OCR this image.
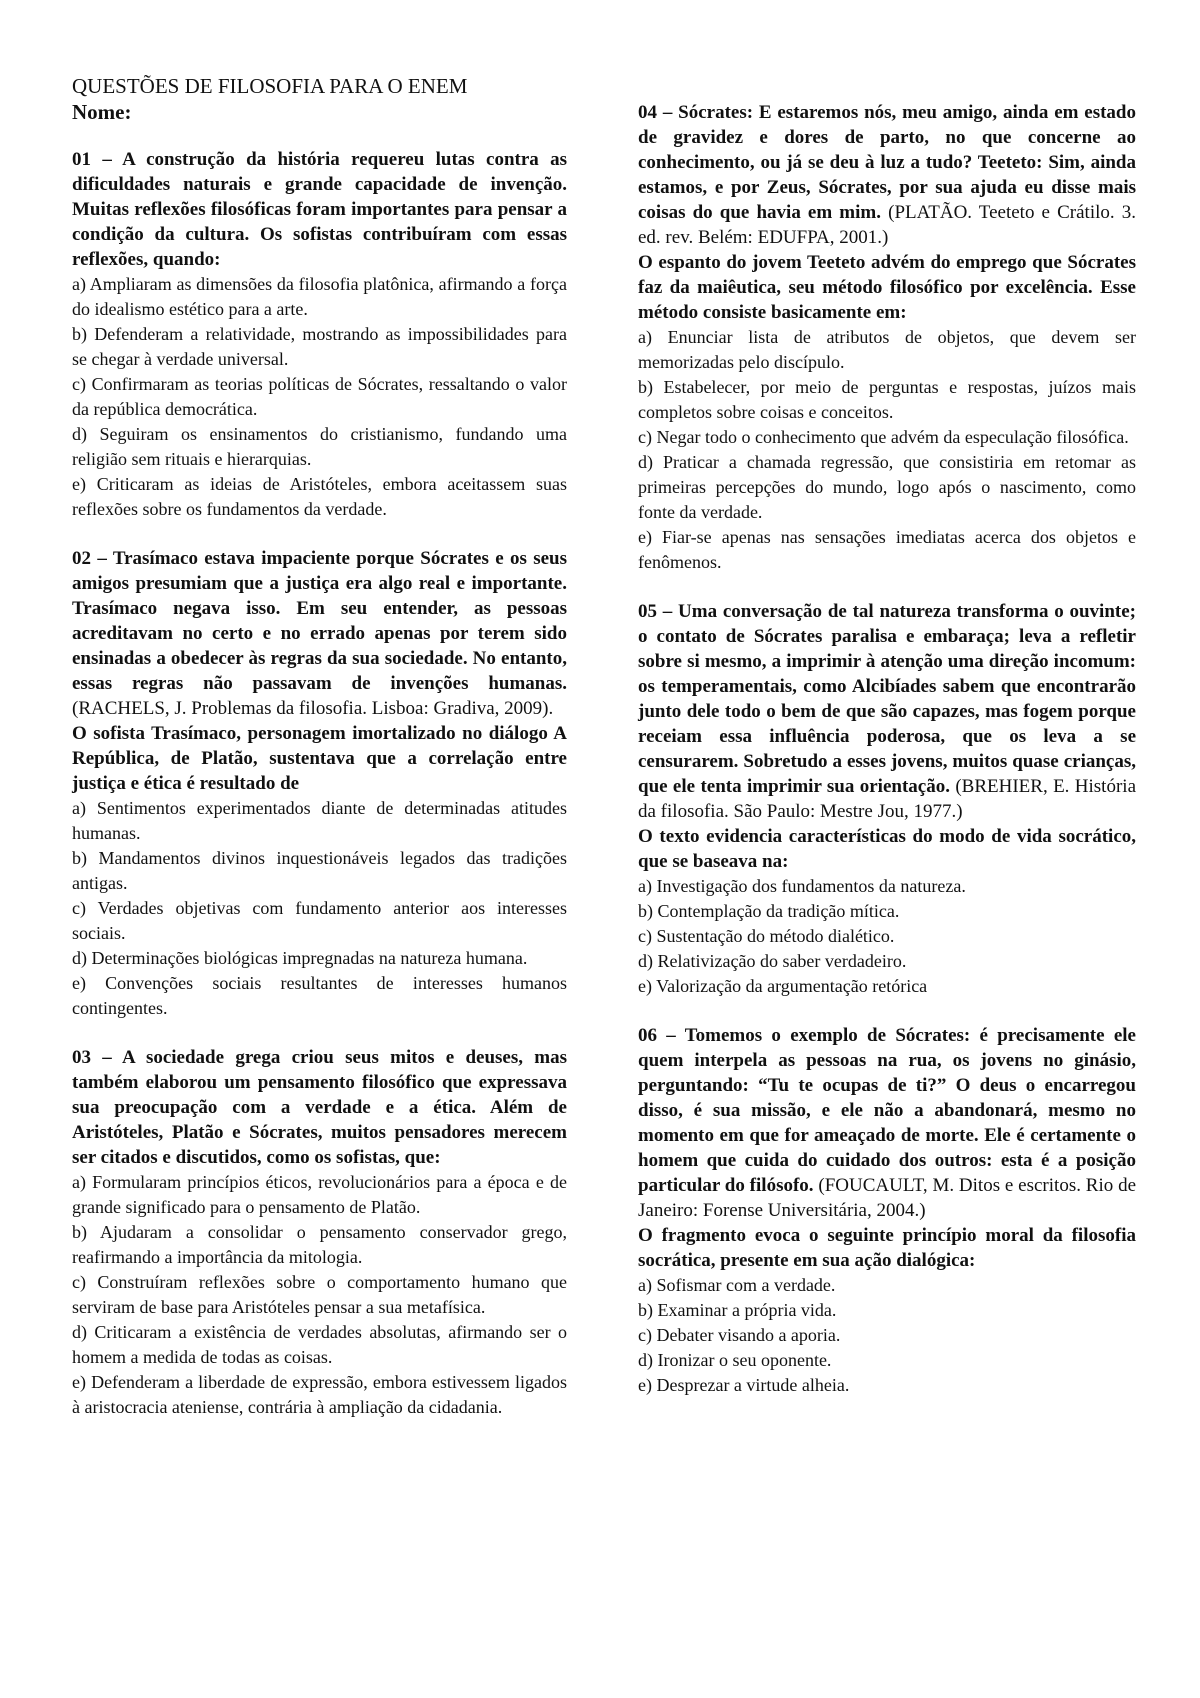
QUESTÕES DE FILOSOFIA PARA O ENEM
Nome:
01 – A construção da história requereu lutas contra as dificuldades naturais e grande capacidade de invenção. Muitas reflexões filosóficas foram importantes para pensar a condição da cultura. Os sofistas contribuíram com essas reflexões, quando:
a) Ampliaram as dimensões da filosofia platônica, afirmando a força do idealismo estético para a arte.
b) Defenderam a relatividade, mostrando as impossibilidades para se chegar à verdade universal.
c) Confirmaram as teorias políticas de Sócrates, ressaltando o valor da república democrática.
d) Seguiram os ensinamentos do cristianismo, fundando uma religião sem rituais e hierarquias.
e) Criticaram as ideias de Aristóteles, embora aceitassem suas reflexões sobre os fundamentos da verdade.
02 – Trasímaco estava impaciente porque Sócrates e os seus amigos presumiam que a justiça era algo real e importante. Trasímaco negava isso. Em seu entender, as pessoas acreditavam no certo e no errado apenas por terem sido ensinadas a obedecer às regras da sua sociedade. No entanto, essas regras não passavam de invenções humanas. (RACHELS, J. Problemas da filosofia. Lisboa: Gradiva, 2009).
O sofista Trasímaco, personagem imortalizado no diálogo A República, de Platão, sustentava que a correlação entre justiça e ética é resultado de
a) Sentimentos experimentados diante de determinadas atitudes humanas.
b) Mandamentos divinos inquestionáveis legados das tradições antigas.
c) Verdades objetivas com fundamento anterior aos interesses sociais.
d) Determinações biológicas impregnadas na natureza humana.
e) Convenções sociais resultantes de interesses humanos contingentes.
03 – A sociedade grega criou seus mitos e deuses, mas também elaborou um pensamento filosófico que expressava sua preocupação com a verdade e a ética. Além de Aristóteles, Platão e Sócrates, muitos pensadores merecem ser citados e discutidos, como os sofistas, que:
a) Formularam princípios éticos, revolucionários para a época e de grande significado para o pensamento de Platão.
b) Ajudaram a consolidar o pensamento conservador grego, reafirmando a importância da mitologia.
c) Construíram reflexões sobre o comportamento humano que serviram de base para Aristóteles pensar a sua metafísica.
d) Criticaram a existência de verdades absolutas, afirmando ser o homem a medida de todas as coisas.
e) Defenderam a liberdade de expressão, embora estivessem ligados à aristocracia ateniense, contrária à ampliação da cidadania.
04 – Sócrates: E estaremos nós, meu amigo, ainda em estado de gravidez e dores de parto, no que concerne ao conhecimento, ou já se deu à luz a tudo? Teeteto: Sim, ainda estamos, e por Zeus, Sócrates, por sua ajuda eu disse mais coisas do que havia em mim. (PLATÃO. Teeteto e Crátilo. 3. ed. rev. Belém: EDUFPA, 2001.)
O espanto do jovem Teeteto advém do emprego que Sócrates faz da maiêutica, seu método filosófico por excelência. Esse método consiste basicamente em:
a) Enunciar lista de atributos de objetos, que devem ser memorizadas pelo discípulo.
b) Estabelecer, por meio de perguntas e respostas, juízos mais completos sobre coisas e conceitos.
c) Negar todo o conhecimento que advém da especulação filosófica.
d) Praticar a chamada regressão, que consistiria em retomar as primeiras percepções do mundo, logo após o nascimento, como fonte da verdade.
e) Fiar-se apenas nas sensações imediatas acerca dos objetos e fenômenos.
05 – Uma conversação de tal natureza transforma o ouvinte; o contato de Sócrates paralisa e embaraça; leva a refletir sobre si mesmo, a imprimir à atenção uma direção incomum: os temperamentais, como Alcibíades sabem que encontrarão junto dele todo o bem de que são capazes, mas fogem porque receiam essa influência poderosa, que os leva a se censurarem. Sobretudo a esses jovens, muitos quase crianças, que ele tenta imprimir sua orientação. (BREHIER, E. História da filosofia. São Paulo: Mestre Jou, 1977.)
O texto evidencia características do modo de vida socrático, que se baseava na:
a) Investigação dos fundamentos da natureza.
b) Contemplação da tradição mítica.
c) Sustentação do método dialético.
d) Relativização do saber verdadeiro.
e) Valorização da argumentação retórica
06 – Tomemos o exemplo de Sócrates: é precisamente ele quem interpela as pessoas na rua, os jovens no ginásio, perguntando: “Tu te ocupas de ti?” O deus o encarregou disso, é sua missão, e ele não a abandonará, mesmo no momento em que for ameaçado de morte. Ele é certamente o homem que cuida do cuidado dos outros: esta é a posição particular do filósofo. (FOUCAULT, M. Ditos e escritos. Rio de Janeiro: Forense Universitária, 2004.)
O fragmento evoca o seguinte princípio moral da filosofia socrática, presente em sua ação dialógica:
a) Sofismar com a verdade.
b) Examinar a própria vida.
c) Debater visando a aporia.
d) Ironizar o seu oponente.
e) Desprezar a virtude alheia.
